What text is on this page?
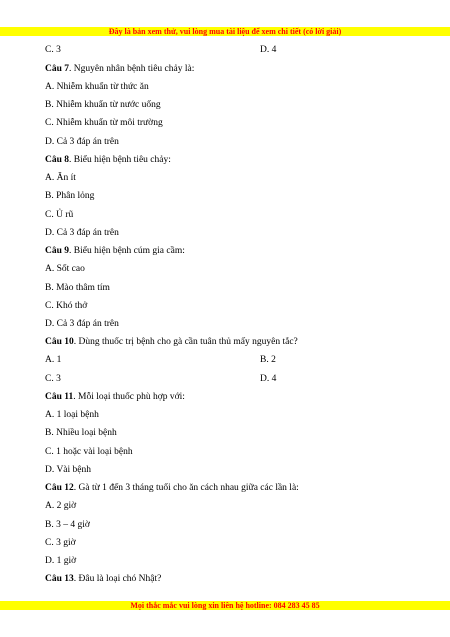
Đây là bản xem thử, vui lòng mua tài liệu để xem chi tiết (có lời giải)
C. 3	D. 4
Câu 7. Nguyên nhân bệnh tiêu chảy là:
A. Nhiễm khuẩn từ thức ăn
B. Nhiễm khuẩn từ nước uống
C. Nhiễm khuẩn từ môi trường
D. Cả 3 đáp án trên
Câu 8. Biểu hiện bệnh tiêu chảy:
A. Ăn ít
B. Phân lỏng
C. Ủ rũ
D. Cả 3 đáp án trên
Câu 9. Biểu hiện bệnh cúm gia cầm:
A. Sốt cao
B. Mào thâm tím
C. Khó thở
D. Cả 3 đáp án trên
Câu 10. Dùng thuốc trị bệnh cho gà cần tuân thủ mấy nguyên tắc?
A. 1	B. 2
C. 3	D. 4
Câu 11. Mỗi loại thuốc phù hợp với:
A. 1 loại bệnh
B. Nhiều loại bệnh
C. 1 hoặc vài loại bệnh
D. Vài bệnh
Câu 12. Gà từ 1 đến 3 tháng tuổi cho ăn cách nhau giữa các lần là:
A. 2 giờ
B. 3 – 4 giờ
C. 3 giờ
D. 1 giờ
Câu 13. Đâu là loại chó Nhật?
Mọi thắc mắc vui lòng xin liên hệ hotline: 084 283 45 85
